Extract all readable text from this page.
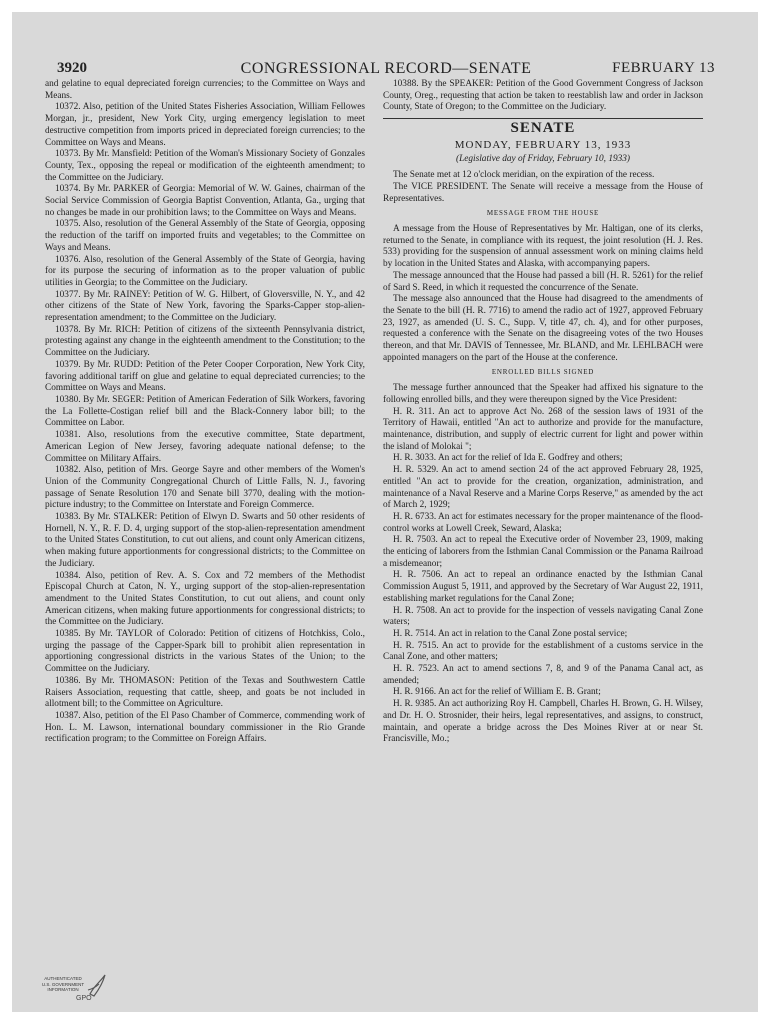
3920	CONGRESSIONAL RECORD—SENATE	FEBRUARY 13

and gelatine to equal depreciated foreign currencies; to the Committee on Ways and Means.

10372. Also, petition of the United States Fisheries Association, William Fellowes Morgan, jr., president, New York City, urging emergency legislation to meet destructive competition from imports priced in depreciated foreign currencies; to the Committee on Ways and Means.

10373. By Mr. Mansfield: Petition of the Woman's Missionary Society of Gonzales County, Tex., opposing the repeal or modification of the eighteenth amendment; to the Committee on the Judiciary.

10374. By Mr. PARKER of Georgia: Memorial of W. W. Gaines, chairman of the Social Service Commission of Georgia Baptist Convention, Atlanta, Ga., urging that no changes be made in our prohibition laws; to the Committee on Ways and Means.

10375. Also, resolution of the General Assembly of the State of Georgia, opposing the reduction of the tariff on imported fruits and vegetables; to the Committee on Ways and Means.

10376. Also, resolution of the General Assembly of the State of Georgia, having for its purpose the securing of information as to the proper valuation of public utilities in Georgia; to the Committee on the Judiciary.

10377. By Mr. RAINEY: Petition of W. G. Hilbert, of Gloversville, N. Y., and 42 other citizens of the State of New York, favoring the Sparks-Capper stop-alien-representation amendment; to the Committee on the Judiciary.

10378. By Mr. RICH: Petition of citizens of the sixteenth Pennsylvania district, protesting against any change in the eighteenth amendment to the Constitution; to the Committee on the Judiciary.

10379. By Mr. RUDD: Petition of the Peter Cooper Corporation, New York City, favoring additional tariff on glue and gelatine to equal depreciated currencies; to the Committee on Ways and Means.

10380. By Mr. SEGER: Petition of American Federation of Silk Workers, favoring the La Follette-Costigan relief bill and the Black-Connery labor bill; to the Committee on Labor.

10381. Also, resolutions from the executive committee, State department, American Legion of New Jersey, favoring adequate national defense; to the Committee on Military Affairs.

10382. Also, petition of Mrs. George Sayre and other members of the Women's Union of the Community Congregational Church of Little Falls, N. J., favoring passage of Senate Resolution 170 and Senate bill 3770, dealing with the motion-picture industry; to the Committee on Interstate and Foreign Commerce.

10383. By Mr. STALKER: Petition of Elwyn D. Swarts and 50 other residents of Hornell, N. Y., R. F. D. 4, urging support of the stop-alien-representation amendment to the United States Constitution, to cut out aliens, and count only American citizens, when making future apportionments for congressional districts; to the Committee on the Judiciary.

10384. Also, petition of Rev. A. S. Cox and 72 members of the Methodist Episcopal Church at Caton, N. Y., urging support of the stop-alien-representation amendment to the United States Constitution, to cut out aliens, and count only American citizens, when making future apportionments for congressional districts; to the Committee on the Judiciary.

10385. By Mr. TAYLOR of Colorado: Petition of citizens of Hotchkiss, Colo., urging the passage of the Capper-Spark bill to prohibit alien representation in apportioning congressional districts in the various States of the Union; to the Committee on the Judiciary.

10386. By Mr. THOMASON: Petition of the Texas and Southwestern Cattle Raisers Association, requesting that cattle, sheep, and goats be not included in allotment bill; to the Committee on Agriculture.

10387. Also, petition of the El Paso Chamber of Commerce, commending work of Hon. L. M. Lawson, international boundary commissioner in the Rio Grande rectification program; to the Committee on Foreign Affairs.

10388. By the SPEAKER: Petition of the Good Government Congress of Jackson County, Oreg., requesting that action be taken to reestablish law and order in Jackson County, State of Oregon; to the Committee on the Judiciary.

SENATE
MONDAY, FEBRUARY 13, 1933
(Legislative day of Friday, February 10, 1933)

The Senate met at 12 o'clock meridian, on the expiration of the recess.

The VICE PRESIDENT. The Senate will receive a message from the House of Representatives.

MESSAGE FROM THE HOUSE

A message from the House of Representatives by Mr. Haltigan, one of its clerks, returned to the Senate, in compliance with its request, the joint resolution (H. J. Res. 533) providing for the suspension of annual assessment work on mining claims held by location in the United States and Alaska, with accompanying papers.

The message announced that the House had passed a bill (H. R. 5261) for the relief of Sard S. Reed, in which it requested the concurrence of the Senate.

The message also announced that the House had disagreed to the amendments of the Senate to the bill (H. R. 7716) to amend the radio act of 1927, approved February 23, 1927, as amended (U. S. C., Supp. V, title 47, ch. 4), and for other purposes, requested a conference with the Senate on the disagreeing votes of the two Houses thereon, and that Mr. DAVIS of Tennessee, Mr. BLAND, and Mr. LEHLBACH were appointed managers on the part of the House at the conference.

ENROLLED BILLS SIGNED

The message further announced that the Speaker had affixed his signature to the following enrolled bills, and they were thereupon signed by the Vice President:

H. R. 311. An act to approve Act No. 268 of the session laws of 1931 of the Territory of Hawaii, entitled "An act to authorize and provide for the manufacture, maintenance, distribution, and supply of electric current for light and power within the island of Molokai ";

H. R. 3033. An act for the relief of Ida E. Godfrey and others;

H. R. 5329. An act to amend section 24 of the act approved February 28, 1925, entitled "An act to provide for the creation, organization, administration, and maintenance of a Naval Reserve and a Marine Corps Reserve," as amended by the act of March 2, 1929;

H. R. 6733. An act for estimates necessary for the proper maintenance of the flood-control works at Lowell Creek, Seward, Alaska;

H. R. 7503. An act to repeal the Executive order of November 23, 1909, making the enticing of laborers from the Isthmian Canal Commission or the Panama Railroad a misdemeanor;

H. R. 7506. An act to repeal an ordinance enacted by the Isthmian Canal Commission August 5, 1911, and approved by the Secretary of War August 22, 1911, establishing market regulations for the Canal Zone;

H. R. 7508. An act to provide for the inspection of vessels navigating Canal Zone waters;

H. R. 7514. An act in relation to the Canal Zone postal service;

H. R. 7515. An act to provide for the establishment of a customs service in the Canal Zone, and other matters;

H. R. 7523. An act to amend sections 7, 8, and 9 of the Panama Canal act, as amended;

H. R. 9166. An act for the relief of William E. B. Grant;

H. R. 9385. An act authorizing Roy H. Campbell, Charles H. Brown, G. H. Wilsey, and Dr. H. O. Strosnider, their heirs, legal representatives, and assigns, to construct, maintain, and operate a bridge across the Des Moines River at or near St. Francisville, Mo.;

AUTHENTICATED
U.S. GOVERNMENT
INFORMATION
GPO
